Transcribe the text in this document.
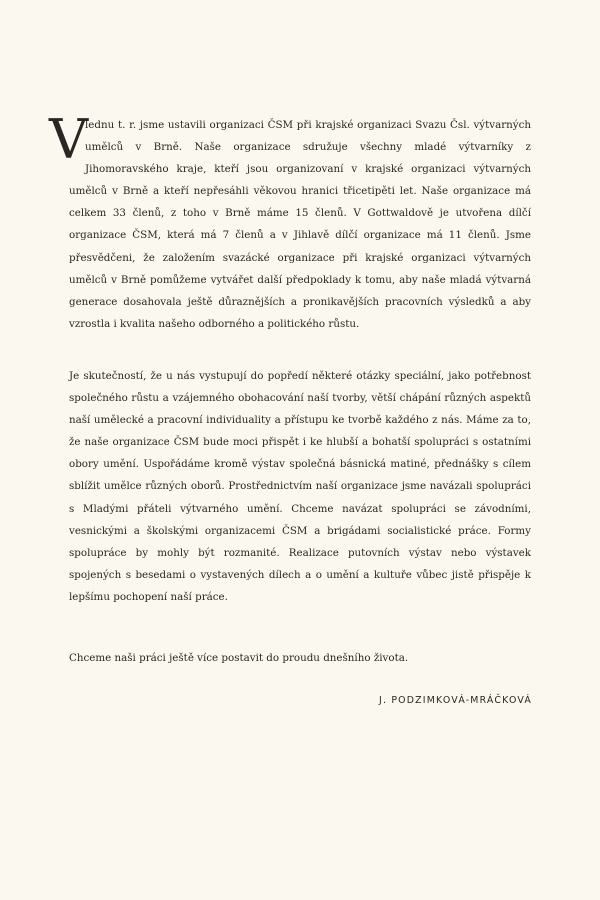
V
lednu t. r. jsme ustavili organizaci ČSM při krajské organizaci Svazu Čsl. výtvarných umělců v Brně. Naše organizace sdružuje všechny mladé výtvarníky z Jihomoravského kraje, kteří jsou organizovaní v krajské organizaci výtvarných umělců v Brně a kteří nepřesáhli věkovou hranici třicetipěti let. Naše organizace má celkem 33 členů, z toho v Brně máme 15 členů. V Gottwaldově je utvořena dílčí organizace ČSM, která má 7 členů a v Jihlavě dílčí organizace má 11 členů. Jsme přesvědčeni, že založením svazácké organizace při krajské organizaci výtvarných umělců v Brně pomůžeme vytvářet další předpoklady k tomu, aby naše mladá výtvarná generace dosahovala ještě důraznějších a pronikavějších pracovních výsledků a aby vzrostla i kvalita našeho odborného a politického růstu.
Je skutečností, že u nás vystupují do popředí některé otázky speciální, jako potřebnost společného růstu a vzájemného obohacování naší tvorby, větší chápání různých aspektů naší umělecké a pracovní individuality a přístupu ke tvorbě každého z nás. Máme za to, že naše organizace ČSM bude moci přispět i ke hlubší a bohatší spolupráci s ostatními obory umění. Uspořádáme kromě výstav společná básnická matiné, přednášky s cílem sblížit umělce různých oborů. Prostřednictvím naší organizace jsme navázali spolupráci s Mladými přáteli výtvarného umění. Chceme navázat spolupráci se závodními, vesnickými a školskými organizacemi ČSM a brigádami socialistické práce. Formy spolupráce by mohly být rozmanité. Realizace putovních výstav nebo výstavek spojených s besedami o vystavených dílech a o umění a kultuře vůbec jistě přispěje k lepšímu pochopení naší práce.
Chceme naši práci ještě více postavit do proudu dnešního života.
J. PODZIMKOVÁ-MRÁČKOVÁ
